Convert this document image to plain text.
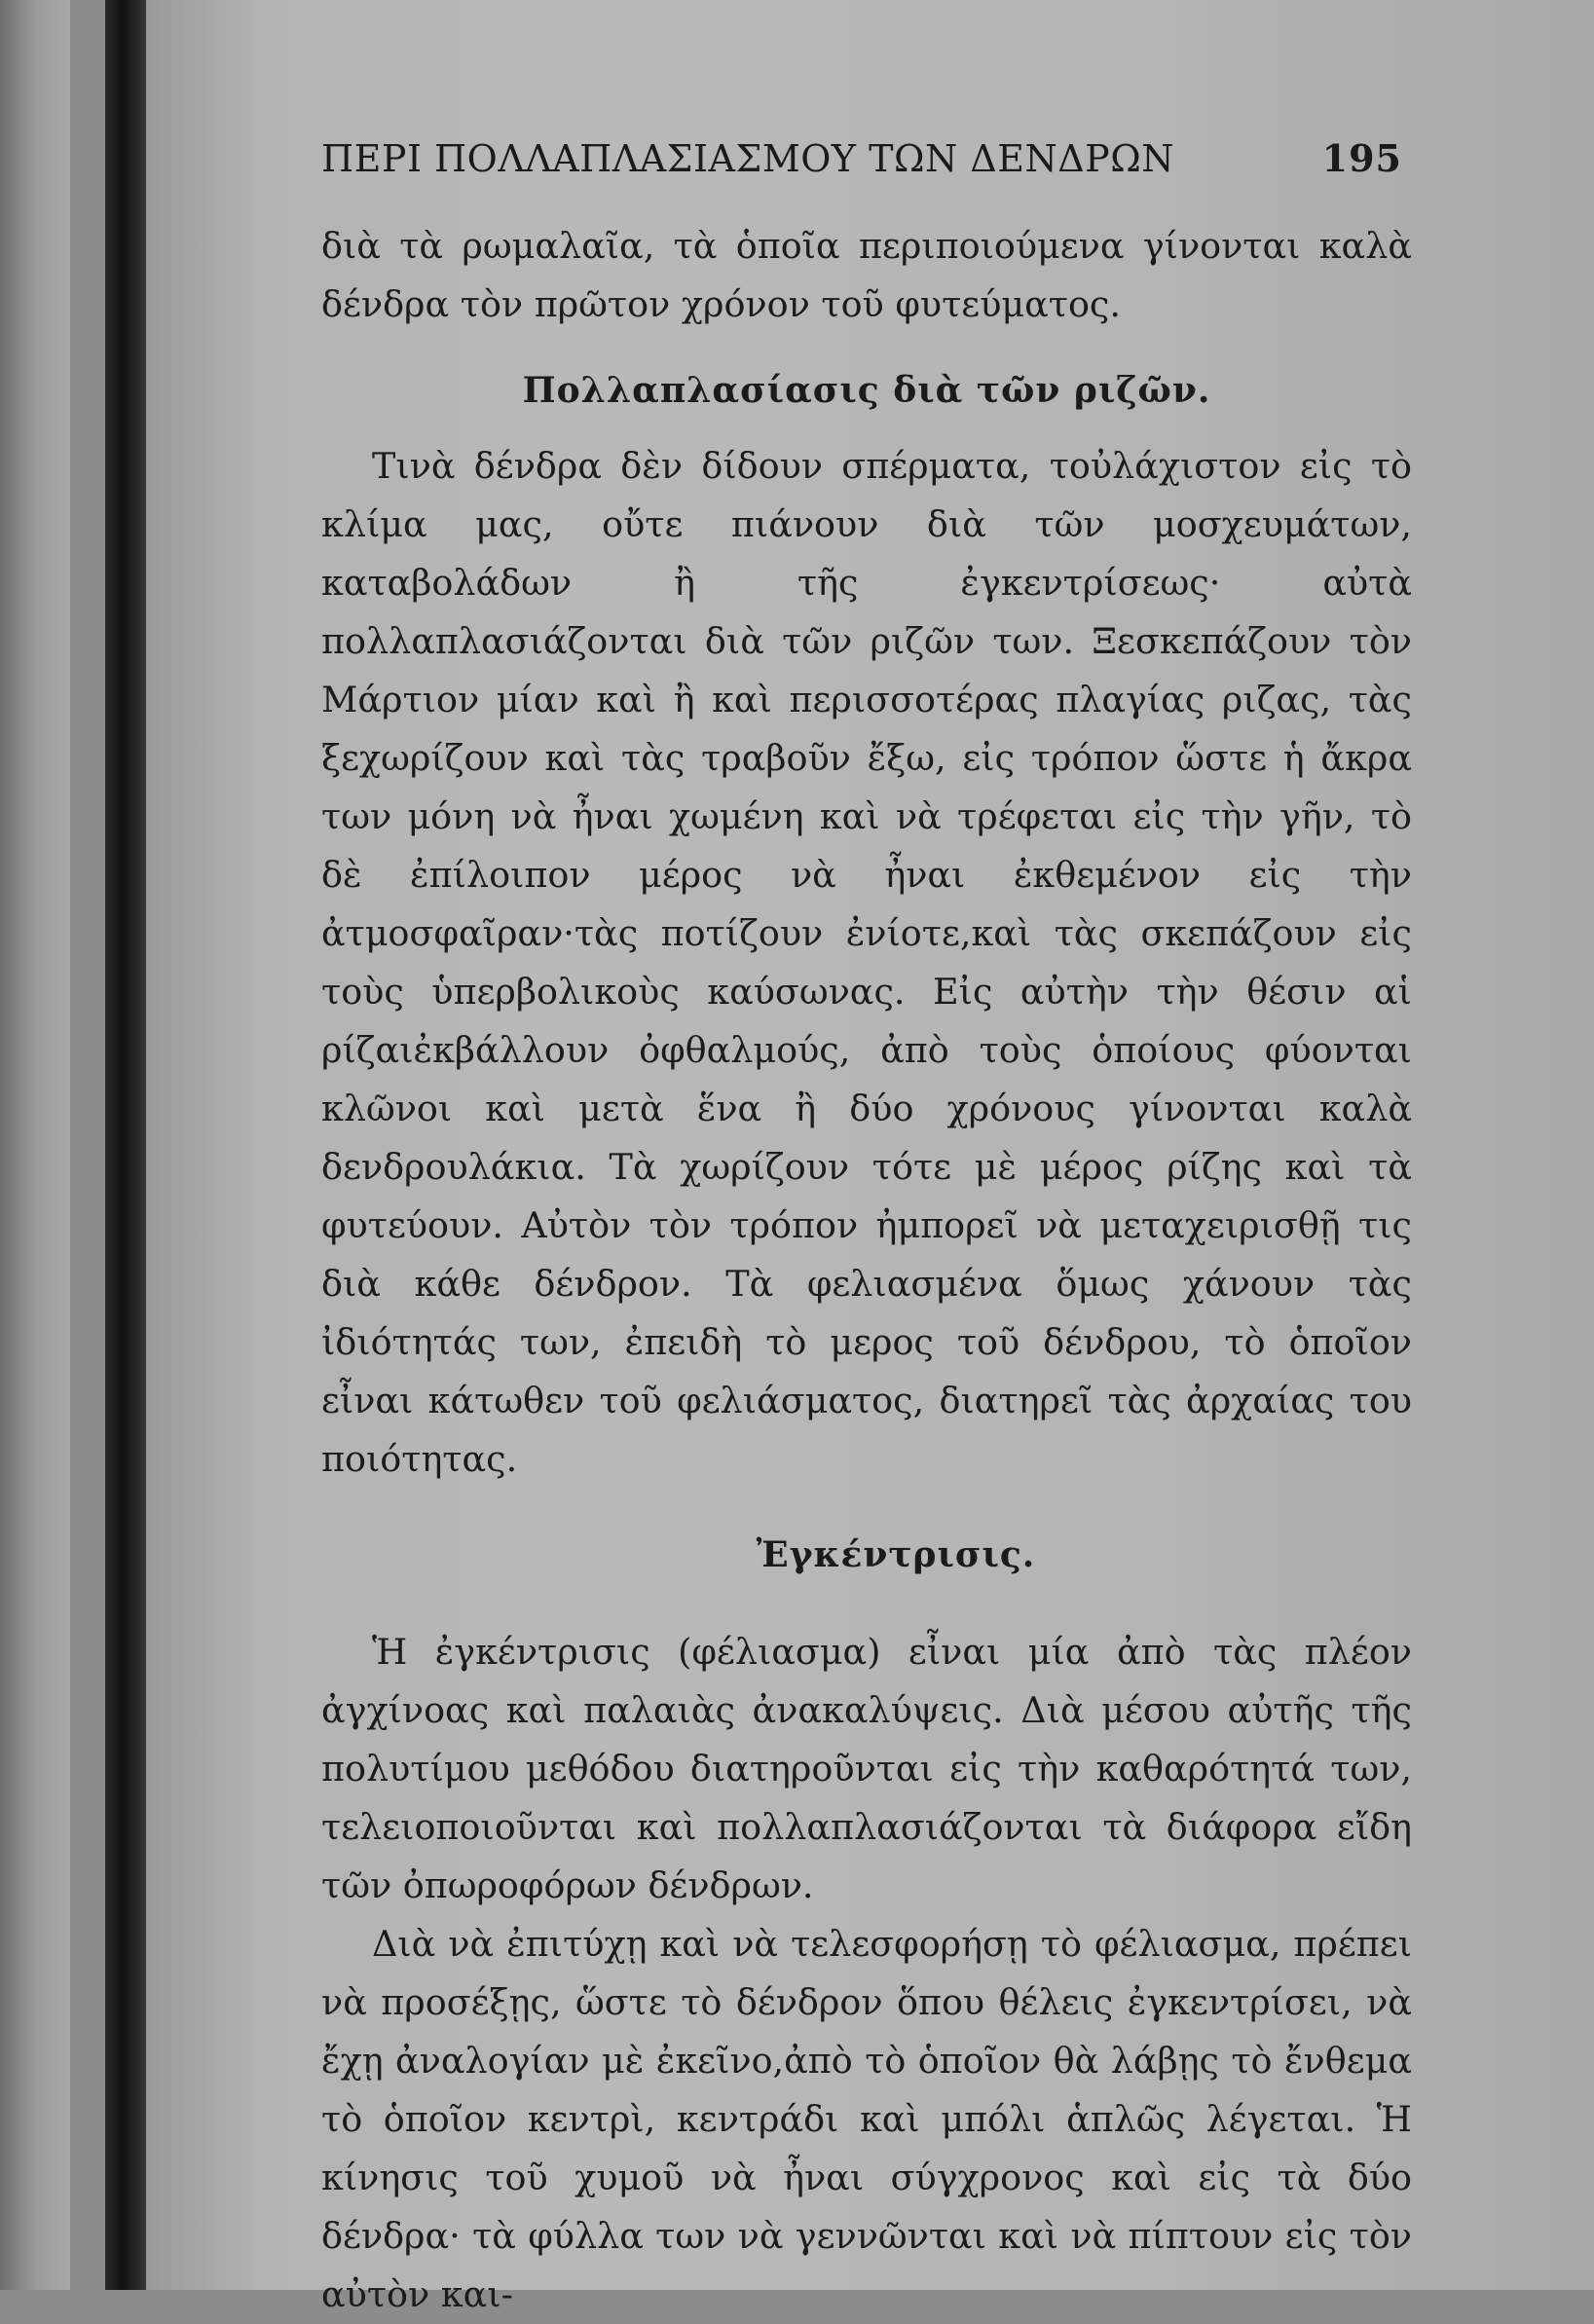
ΠΕΡΙ ΠΟΛΛΑΠΛΑΣΙΑΣΜΟΥ ΤΩΝ ΔΕΝΔΡΩΝ	195

διὰ τὰ ρωμαλαῖα, τὰ ὁποῖα περιποιούμενα γίνονται καλὰ δένδρα τὸν πρῶτον χρόνον τοῦ φυτεύματος.

Πολλαπλασίασις διὰ τῶν ριζῶν.

Τινὰ δένδρα δὲν δίδουν σπέρματα, τοὐλάχιστον εἰς τὸ κλίμα μας, οὔτε πιάνουν διὰ τῶν μοσχευμάτων, καταβολάδων ἢ τῆς ἐγκεντρίσεως· αὐτὰ πολλαπλασιάζονται διὰ τῶν ριζῶν των. Ξεσκεπάζουν τὸν Μάρτιον μίαν καὶ ἢ καὶ περισσοτέρας πλαγίας ριζας, τὰς ξεχωρίζουν καὶ τὰς τραβοῦν ἔξω, εἰς τρόπον ὥστε ἡ ἄκρα των μόνη νὰ ἦναι χωμένη καὶ νὰ τρέφεται εἰς τὴν γῆν, τὸ δὲ ἐπίλοιπον μέρος νὰ ἦναι ἐκθεμένον εἰς τὴν ἀτμοσφαῖραν·τὰς ποτίζουν ἐνίοτε,καὶ τὰς σκεπάζουν εἰς τοὺς ὑπερβολικοὺς καύσωνας. Εἰς αὐτὴν τὴν θέσιν αἱ ρίζαιἐκβάλλουν ὀφθαλμούς, ἀπὸ τοὺς ὁποίους φύονται κλῶνοι καὶ μετὰ ἕνα ἢ δύο χρόνους γίνονται καλὰ δενδρουλάκια. Τὰ χωρίζουν τότε μὲ μέρος ρίζης καὶ τὰ φυτεύουν. Αὐτὸν τὸν τρόπον ἠμπορεῖ νὰ μεταχειρισθῇ τις διὰ κάθε δένδρον. Τὰ φελιασμένα ὅμως χάνουν τὰς ἰδιότητάς των, ἐπειδὴ τὸ μερος τοῦ δένδρου, τὸ ὁποῖον εἶναι κάτωθεν τοῦ φελιάσματος, διατηρεῖ τὰς ἀρχαίας του ποιότητας.

Ἐγκέντρισις.

Ἡ ἐγκέντρισις (φέλιασμα) εἶναι μία ἀπὸ τὰς πλέον ἀγχίνοας καὶ παλαιὰς ἀνακαλύψεις. Διὰ μέσου αὐτῆς τῆς πολυτίμου μεθόδου διατηροῦνται εἰς τὴν καθαρότητά των, τελειοποιοῦνται καὶ πολλαπλασιάζονται τὰ διάφορα εἴδη τῶν ὀπωροφόρων δένδρων.

Διὰ νὰ ἐπιτύχῃ καὶ νὰ τελεσφορήσῃ τὸ φέλιασμα, πρέπει νὰ προσέξῃς, ὥστε τὸ δένδρον ὅπου θέλεις ἐγκεντρίσει, νὰ ἔχῃ ἀναλογίαν μὲ ἐκεῖνο,ἀπὸ τὸ ὁποῖον θὰ λάβῃς τὸ ἔνθεμα τὸ ὁποῖον κεντρὶ, κεντράδι καὶ μπόλι ἁπλῶς λέγεται. Ἡ κίνησις τοῦ χυμοῦ νὰ ἦναι σύγχρονος καὶ εἰς τὰ δύο δένδρα· τὰ φύλλα των νὰ γεννῶνται καὶ νὰ πίπτουν εἰς τὸν αὐτὸν και-
